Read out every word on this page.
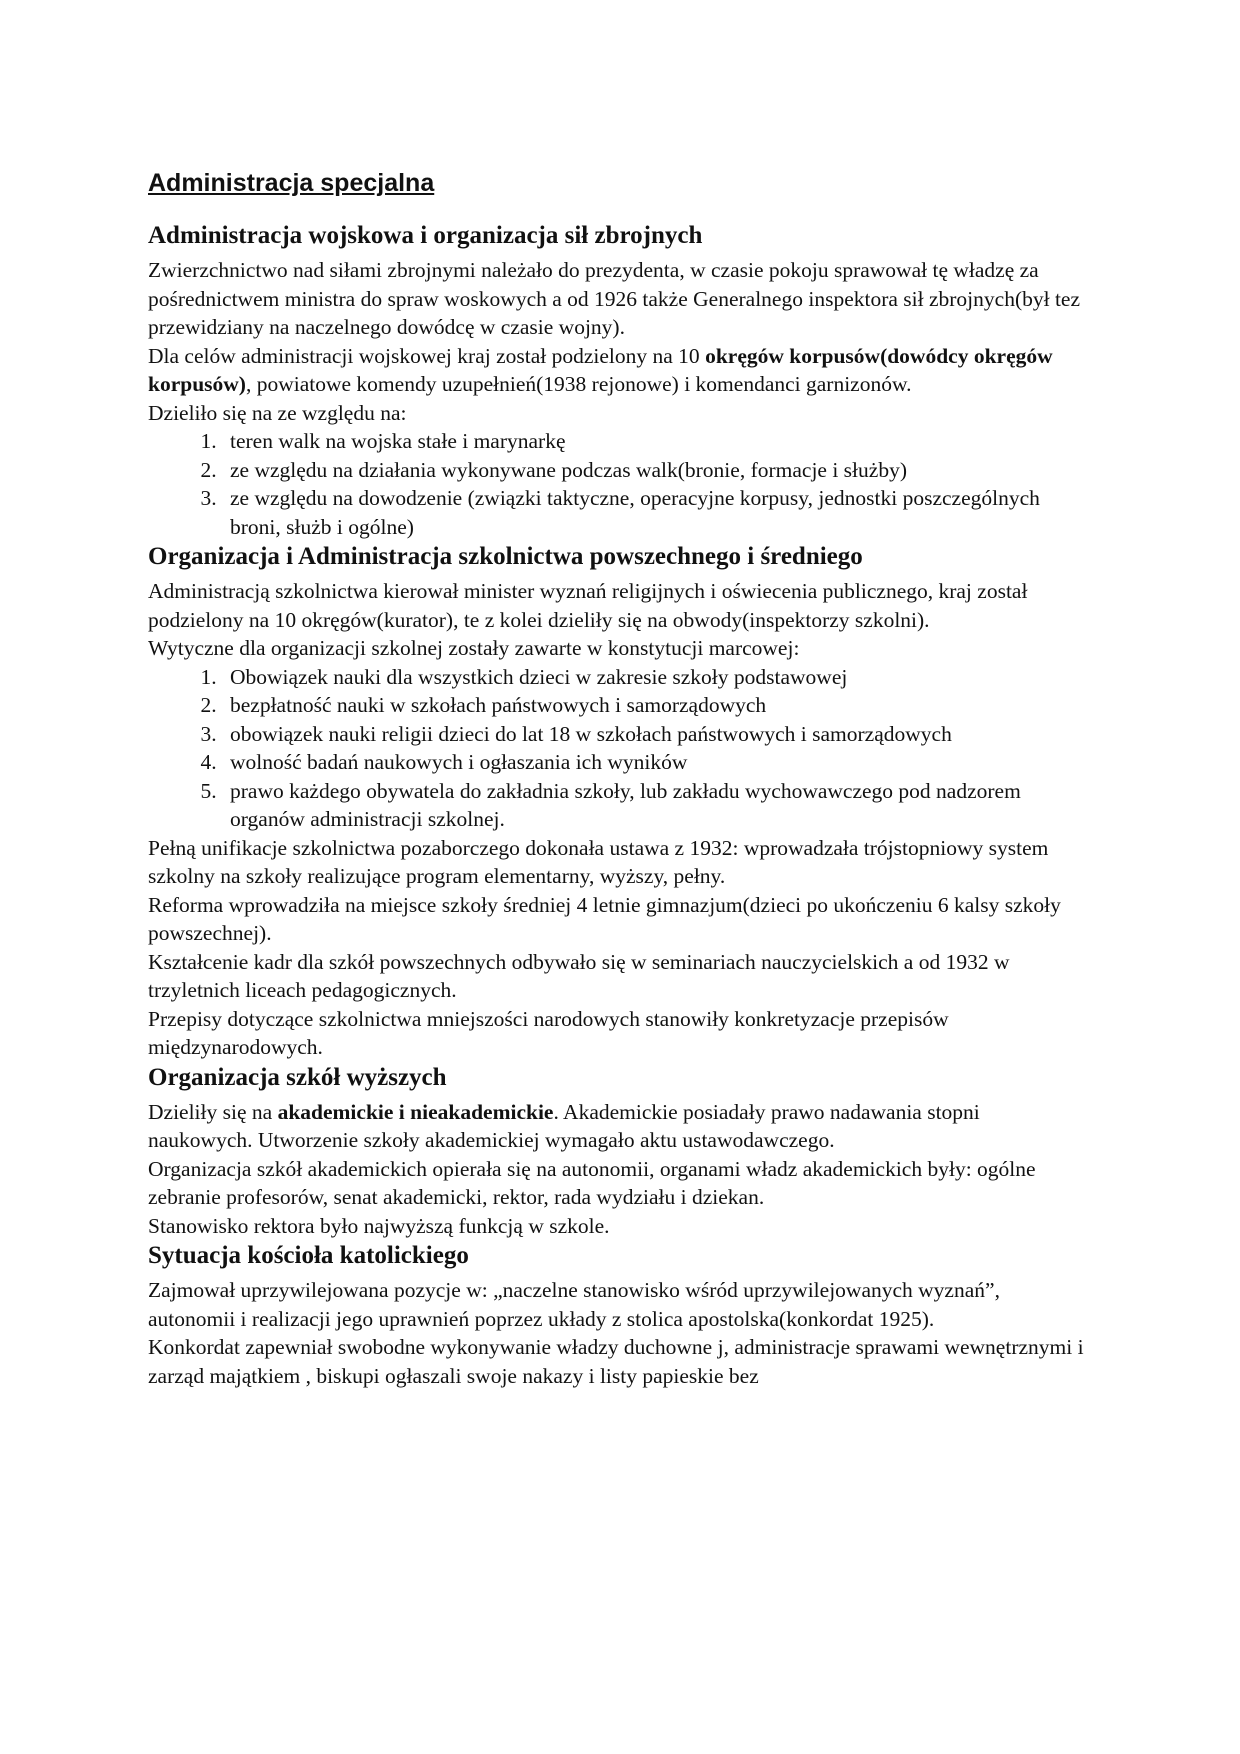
Administracja specjalna
Administracja wojskowa i organizacja sił zbrojnych

Zwierzchnictwo nad siłami zbrojnymi należało do prezydenta, w czasie pokoju sprawował tę władzę za pośrednictwem ministra do spraw woskowych a od 1926 także Generalnego inspektora sił zbrojnych(był tez przewidziany na naczelnego dowódcę w czasie wojny).

Dla celów administracji wojskowej kraj został podzielony na 10 okręgów korpusów(dowódcy okręgów korpusów), powiatowe komendy uzupełnień(1938 rejonowe) i komendanci garnizonów.

Dzieliło się na ze względu na:

1. teren walk na wojska stałe i marynarkę
2. ze względu na działania wykonywane podczas walk(bronie, formacje i służby)
3. ze względu na dowodzenie (związki taktyczne, operacyjne korpusy, jednostki poszczególnych broni, służb i ogólne)
Organizacja i Administracja szkolnictwa powszechnego i średniego

Administracją szkolnictwa kierował minister wyznań religijnych i oświecenia publicznego, kraj został podzielony na 10 okręgów(kurator), te z kolei dzieliły się na obwody(inspektorzy szkolni).

Wytyczne dla organizacji szkolnej zostały zawarte w konstytucji marcowej:

1. Obowiązek nauki dla wszystkich dzieci w zakresie szkoły podstawowej
2. bezpłatność nauki w szkołach państwowych i samorządowych
3. obowiązek nauki religii dzieci do lat 18 w szkołach państwowych i samorządowych
4. wolność badań naukowych i ogłaszania ich wyników
5. prawo każdego obywatela do zakładnia szkoły, lub zakładu wychowawczego pod nadzorem organów administracji szkolnej.

Pełną unifikacje szkolnictwa pozaborczego dokonała ustawa z 1932: wprowadzała trójstopniowy system szkolny na szkoły realizujące program elementarny, wyższy, pełny.

Reforma wprowadziła na miejsce szkoły średniej 4 letnie gimnazjum(dzieci po ukończeniu 6 kalsy szkoły powszechnej).

Kształcenie kadr dla szkół powszechnych odbywało się w seminariach nauczycielskich a od 1932 w trzyletnich liceach pedagogicznych.

Przepisy dotyczące szkolnictwa mniejszości narodowych stanowiły konkretyzacje przepisów międzynarodowych.

Organizacja szkół wyższych

Dzieliły się na akademickie i nieakademickie. Akademickie posiadały prawo nadawania stopni naukowych. Utworzenie szkoły akademickiej wymagało aktu ustawodawczego.

Organizacja szkół akademickich opierała się na autonomii, organami władz akademickich były: ogólne zebranie profesorów, senat akademicki, rektor, rada wydziału i dziekan.

Stanowisko rektora było najwyższą funkcją w szkole.

Sytuacja kościoła katolickiego

Zajmował uprzywilejowana pozycje w: „naczelne stanowisko wśród uprzywilejowanych wyznań”, autonomii i realizacji jego uprawnień poprzez układy z stolica apostolska(konkordat 1925).

Konkordat zapewniał swobodne wykonywanie władzy duchowne j, administracje sprawami wewnętrznymi i zarząd majątkiem , biskupi ogłaszali swoje nakazy i listy papieskie bez
